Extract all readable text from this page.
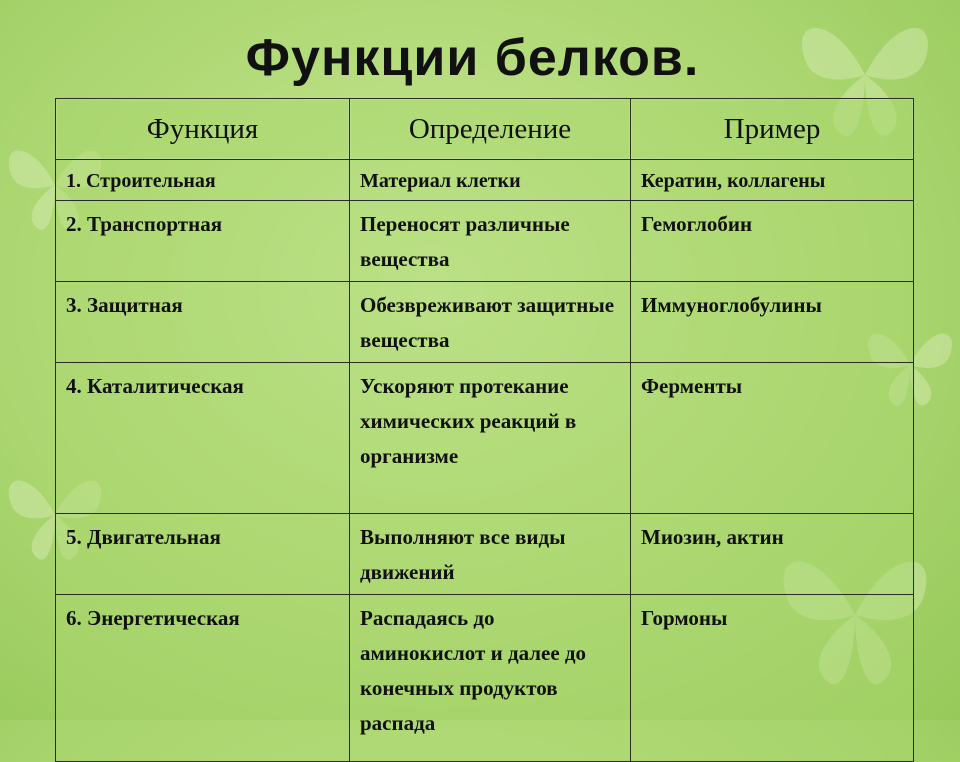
Функции белков.
Функция	Определение	Пример
1. Строительная	Материал клетки	Кератин, коллагены
2. Транспортная	Переносят различные вещества	Гемоглобин
3. Защитная	Обезвреживают защитные вещества	Иммуноглобулины
4. Каталитическая	Ускоряют протекание химических реакций в организме	Ферменты
5. Двигательная	Выполняют все виды движений	Миозин, актин
6. Энергетическая	Распадаясь до аминокислот и далее до конечных продуктов распада	Гормоны
